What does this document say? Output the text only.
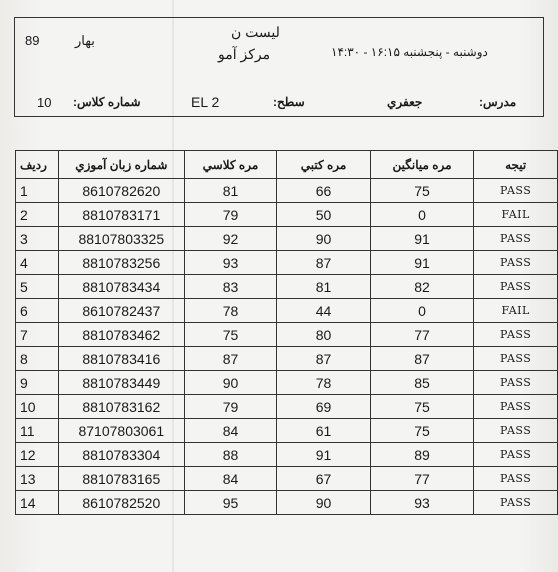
لیست ن
89	بهار
مرکز آمو	دوشنبه - پنجشنبه ۱۶:۱۵ - ۱۴:۳۰
10 شماره کلاس:	EL 2	سطح:	جعفري	مدرس:
رديف	شماره زبان آموزي	مره کلاسي	مره کتبي	مره ميانگين	تيجه
1	8610782620	81	66	75	PASS
2	8810783171	79	50	0	FAIL
3	88107803325	92	90	91	PASS
4	8810783256	93	87	91	PASS
5	8810783434	83	81	82	PASS
6	8610782437	78	44	0	FAIL
7	8810783462	75	80	77	PASS
8	8810783416	87	87	87	PASS
9	8810783449	90	78	85	PASS
10	8810783162	79	69	75	PASS
11	87107803061	84	61	75	PASS
12	8810783304	88	91	89	PASS
13	8810783165	84	67	77	PASS
14	8610782520	95	90	93	PASS
